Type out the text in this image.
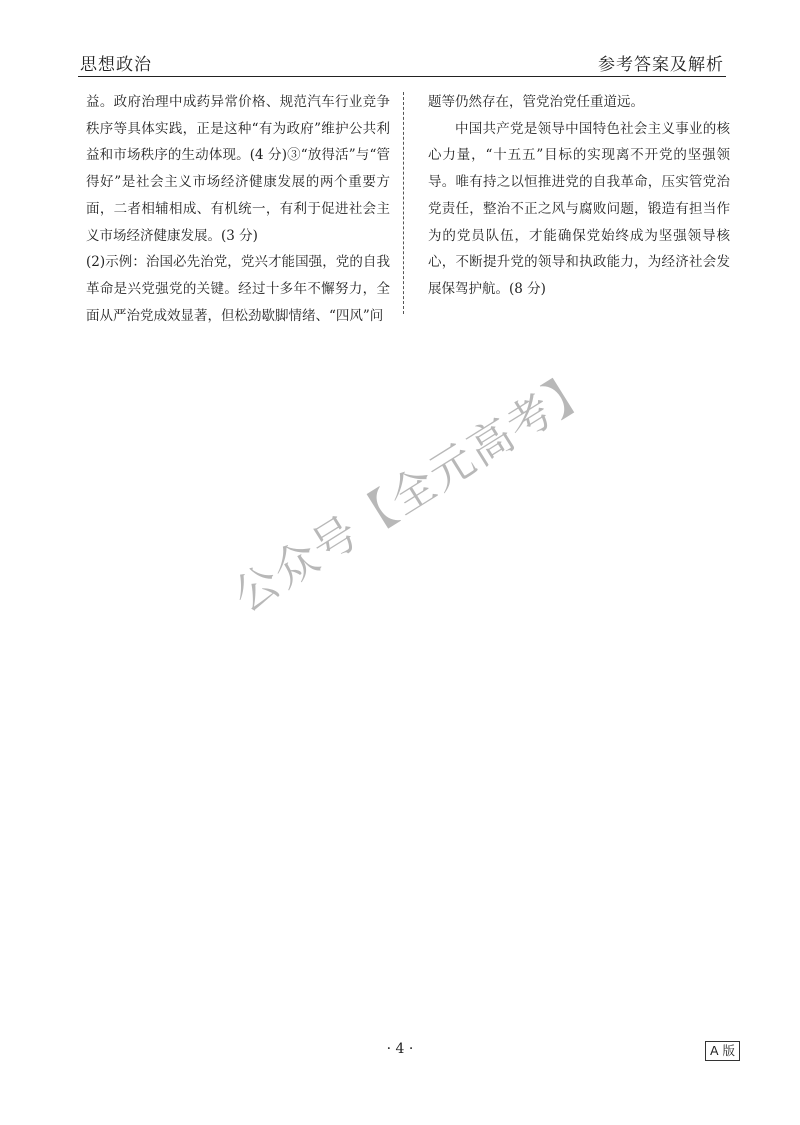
思想政治	参考答案及解析

益。政府治理中成药异常价格、规范汽车行业竞争秩序等具体实践，正是这种“有为政府”维护公共利益和市场秩序的生动体现。(4 分)③“放得活”与“管得好”是社会主义市场经济健康发展的两个重要方面，二者相辅相成、有机统一，有利于促进社会主义市场经济健康发展。(3 分)

(2)示例：治国必先治党，党兴才能国强，党的自我革命是兴党强党的关键。经过十多年不懈努力，全面从严治党成效显著，但松劲歇脚情绪、“四风”问

题等仍然存在，管党治党任重道远。

中国共产党是领导中国特色社会主义事业的核心力量，“十五五”目标的实现离不开党的坚强领导。唯有持之以恒推进党的自我革命，压实管党治党责任，整治不正之风与腐败问题，锻造有担当作为的党员队伍，才能确保党始终成为坚强领导核心，不断提升党的领导和执政能力，为经济社会发展保驾护航。(8 分)

公众号【全元高考】
· 4 ·	A 版
